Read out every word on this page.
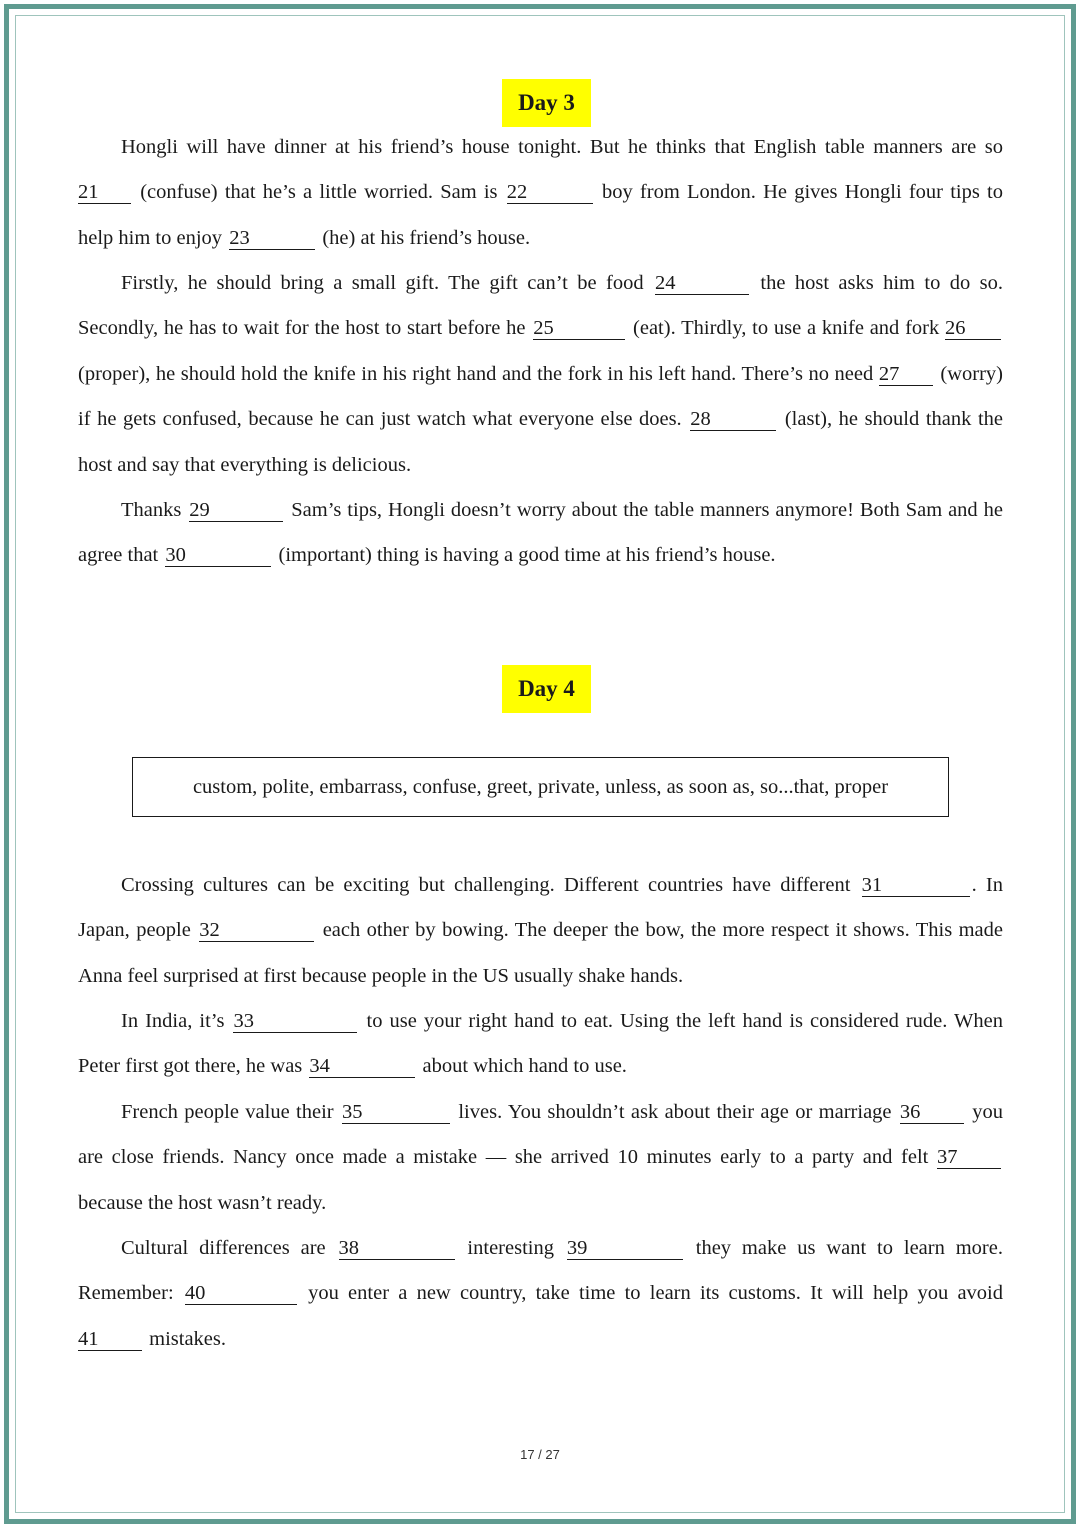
Day 3

Hongli will have dinner at his friend’s house tonight. But he thinks that English table manners are so 21 (confuse) that he’s a little worried. Sam is 22	boy from London. He gives Hongli four tips to help him to enjoy 23	(he) at his friend’s house.

Firstly, he should bring a small gift. The gift can’t be food 24	the host asks him to do so. Secondly, he has to wait for the host to start before he 25	(eat). Thirdly, to use a knife and fork 26 (proper), he should hold the knife in his right hand and the fork in his left hand. There’s no need 27 (worry) if he gets confused, because he can just watch what everyone else does. 28	(last), he should thank the host and say that everything is delicious.

Thanks 29	Sam’s tips, Hongli doesn’t worry about the table manners anymore! Both Sam and he agree that 30	(important) thing is having a good time at his friend’s house.

Day 4
custom, polite, embarrass, confuse, greet, private, unless, as soon as, so...that, proper

Crossing cultures can be exciting but challenging. Different countries have different 31	. In Japan, people 32	each other by bowing. The deeper the bow, the more respect it shows. This made Anna feel surprised at first because people in the US usually shake hands.

In India, it’s 33	to use your right hand to eat. Using the left hand is considered rude. When Peter first got there, he was 34	about which hand to use.

French people value their 35	lives. You shouldn’t ask about their age or marriage 36 you are close friends. Nancy once made a mistake — she arrived 10 minutes early to a party and felt 37 because the host wasn’t ready.

Cultural differences are 38	interesting 39	they make us want to learn more. Remember: 40	you enter a new country, take time to learn its customs. It will help you avoid 41 mistakes.

17 / 27
